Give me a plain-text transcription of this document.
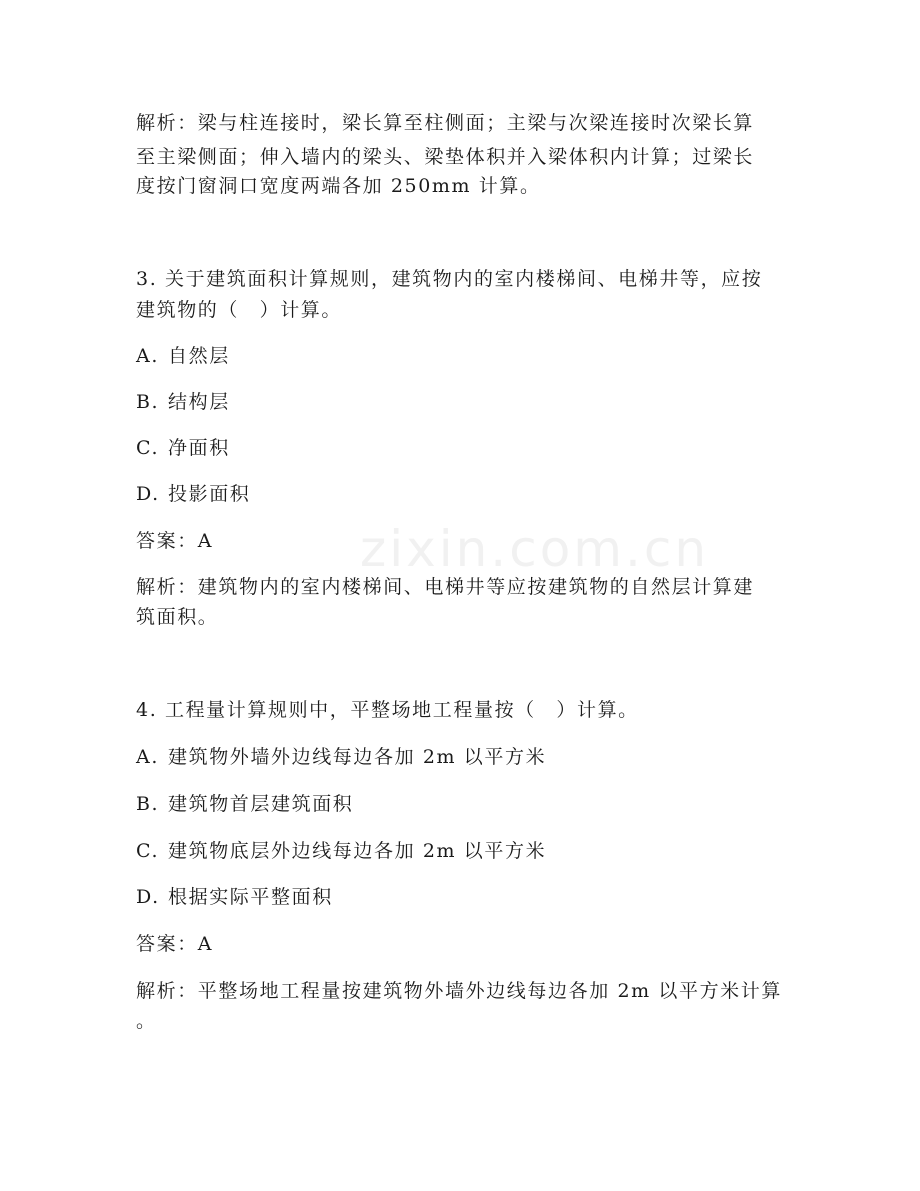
zixin.com.cn
解析：梁与柱连接时，梁长算至柱侧面；主梁与次梁连接时次梁长算
至主梁侧面；伸入墙内的梁头、梁垫体积并入梁体积内计算；过梁长
度按门窗洞口宽度两端各加 250mm 计算。
3. 关于建筑面积计算规则，建筑物内的室内楼梯间、电梯井等，应按
建筑物的（　）计算。
A. 自然层
B. 结构层
C. 净面积
D. 投影面积
答案：A
解析：建筑物内的室内楼梯间、电梯井等应按建筑物的自然层计算建
筑面积。
4. 工程量计算规则中，平整场地工程量按（　）计算。
A. 建筑物外墙外边线每边各加 2m 以平方米
B. 建筑物首层建筑面积
C. 建筑物底层外边线每边各加 2m 以平方米
D. 根据实际平整面积
答案：A
解析：平整场地工程量按建筑物外墙外边线每边各加 2m 以平方米计算
。
